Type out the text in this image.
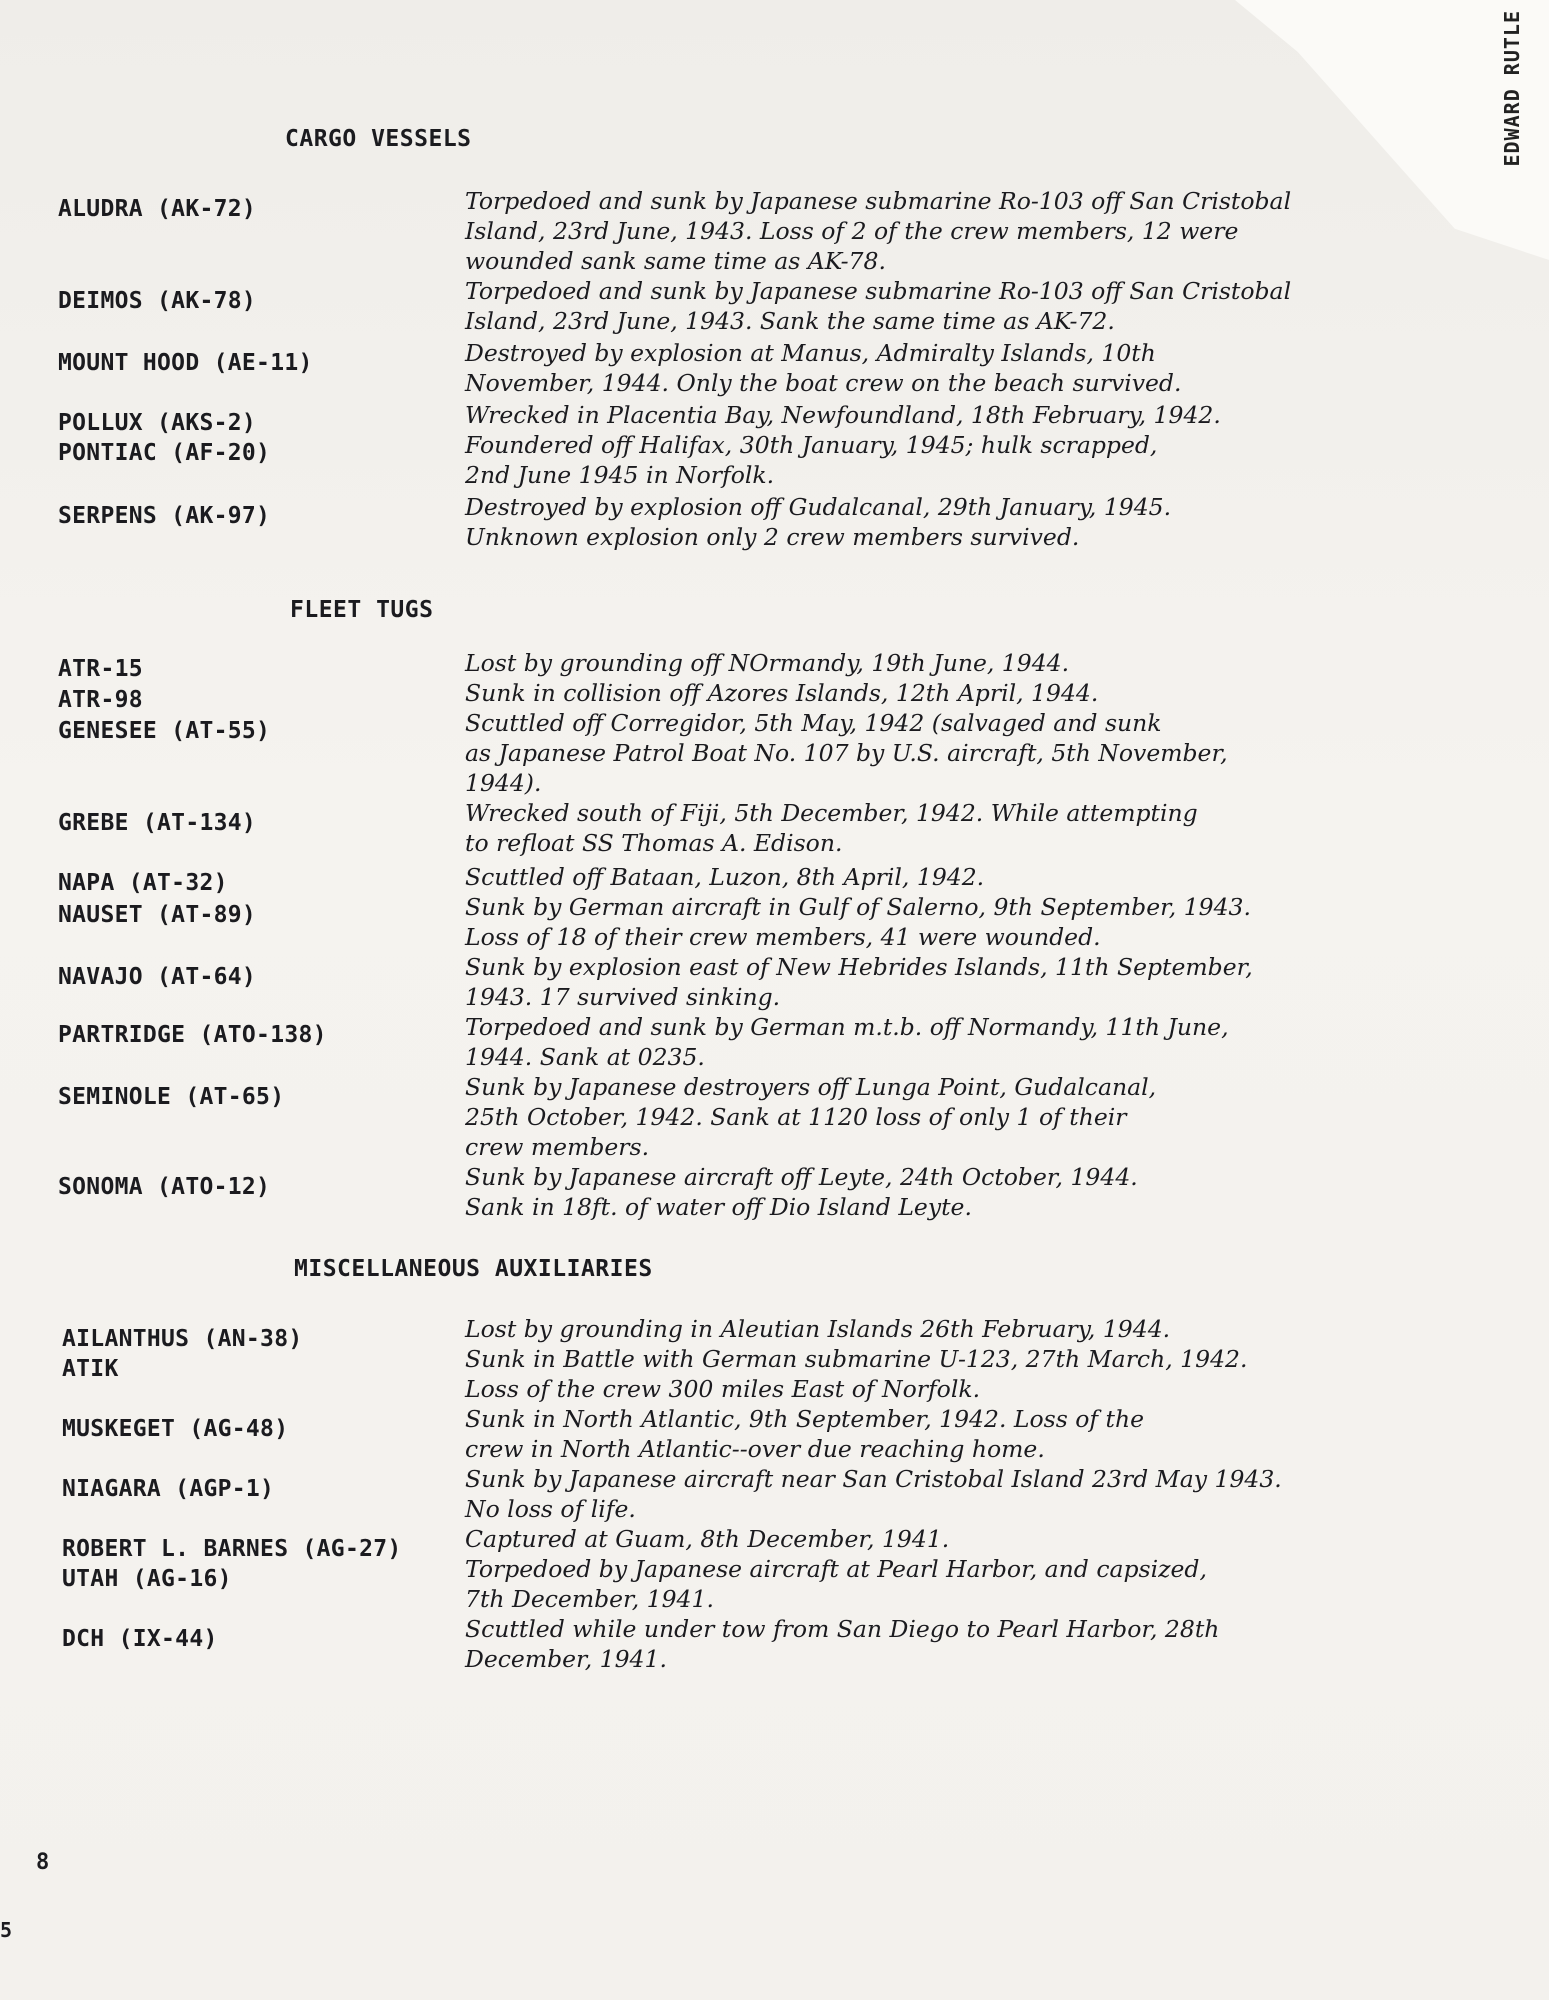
EDWARD RUTLE
CARGO VESSELS
ALUDRA (AK-72)	Torpedoed and sunk by Japanese submarine Ro-103 off San Cristobal
Island, 23rd June, 1943. Loss of 2 of the crew members, 12 were
wounded sank same time as AK-78.
DEIMOS (AK-78)	Torpedoed and sunk by Japanese submarine Ro-103 off San Cristobal
Island, 23rd June, 1943. Sank the same time as AK-72.
MOUNT HOOD (AE-11)	Destroyed by explosion at Manus, Admiralty Islands, 10th
November, 1944. Only the boat crew on the beach survived.
POLLUX (AKS-2)	Wrecked in Placentia Bay, Newfoundland, 18th February, 1942.
PONTIAC (AF-20)	Foundered off Halifax, 30th January, 1945; hulk scrapped,
2nd June 1945 in Norfolk.
SERPENS (AK-97)	Destroyed by explosion off Gudalcanal, 29th January, 1945.
Unknown explosion only 2 crew members survived.
FLEET TUGS
ATR-15	Lost by grounding off NOrmandy, 19th June, 1944.
ATR-98	Sunk in collision off Azores Islands, 12th April, 1944.
GENESEE (AT-55)	Scuttled off Corregidor, 5th May, 1942 (salvaged and sunk
as Japanese Patrol Boat No. 107 by U.S. aircraft, 5th November,
1944).
GREBE (AT-134)	Wrecked south of Fiji, 5th December, 1942. While attempting
to refloat SS Thomas A. Edison.
NAPA (AT-32)	Scuttled off Bataan, Luzon, 8th April, 1942.
NAUSET (AT-89)	Sunk by German aircraft in Gulf of Salerno, 9th September, 1943.
Loss of 18 of their crew members, 41 were wounded.
NAVAJO (AT-64)	Sunk by explosion east of New Hebrides Islands, 11th September,
1943. 17 survived sinking.
PARTRIDGE (ATO-138)	Torpedoed and sunk by German m.t.b. off Normandy, 11th June,
1944. Sank at 0235.
SEMINOLE (AT-65)	Sunk by Japanese destroyers off Lunga Point, Gudalcanal,
25th October, 1942. Sank at 1120 loss of only 1 of their
crew members.
SONOMA (ATO-12)	Sunk by Japanese aircraft off Leyte, 24th October, 1944.
Sank in 18ft. of water off Dio Island Leyte.
MISCELLANEOUS AUXILIARIES
AILANTHUS (AN-38)	Lost by grounding in Aleutian Islands 26th February, 1944.
ATIK	Sunk in Battle with German submarine U-123, 27th March, 1942.
Loss of the crew 300 miles East of Norfolk.
MUSKEGET (AG-48)	Sunk in North Atlantic, 9th September, 1942. Loss of the
crew in North Atlantic--over due reaching home.
NIAGARA (AGP-1)	Sunk by Japanese aircraft near San Cristobal Island 23rd May 1943.
No loss of life.
ROBERT L. BARNES (AG-27)	Captured at Guam, 8th December, 1941.
UTAH (AG-16)	Torpedoed by Japanese aircraft at Pearl Harbor, and capsized,
7th December, 1941.
DCH (IX-44)	Scuttled while under tow from San Diego to Pearl Harbor, 28th
December, 1941.
8
5
